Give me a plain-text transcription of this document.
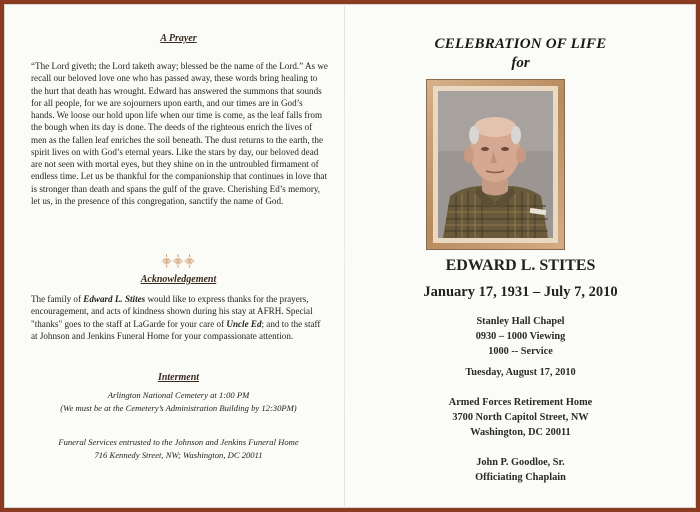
A Prayer

“The Lord giveth; the Lord taketh away; blessed be the name of the Lord.” As we recall our beloved love one who has passed away, these words bring healing to the hurt that death has wrought. Edward has answered the summons that sounds for all people, for we are sojourners upon earth, and our times are in God’s hands. We loose our hold upon life when our time is come, as the leaf falls from the bough when its day is done. The deeds of the righteous enrich the lives of men as the fallen leaf enriches the soil beneath. The dust returns to the earth, the spirit lives on with God’s eternal years. Like the stars by day, our beloved dead are not seen with mortal eyes, but they shine on in the untroubled firmament of endless time. Let us be thankful for the companionship that continues in love that is stronger than death and spans the gulf of the grave. Cherishing Ed’s memory, let us, in the presence of this congregation, sanctify the name of God.

⸎⸎⸎
Acknowledgement

The family of Edward L. Stites would like to express thanks for the prayers, encouragement, and acts of kindness shown during his stay at AFRH. Special "thanks" goes to the staff at LaGarde for your care of Uncle Ed; and to the staff at Johnson and Jenkins Funeral Home for your compassionate attention.

Interment
Arlington National Cemetery at 1:00 PM
(We must be at the Cemetery’s Administration Building by 12:30PM)
Funeral Services entrusted to the Johnson and Jenkins Funeral Home
716 Kennedy Street, NW; Washington, DC 20011
CELEBRATION OF LIFE
for
EDWARD L. STITES
January 17, 1931 – July 7, 2010
Stanley Hall Chapel
0930 – 1000 Viewing
1000 -- Service
Tuesday, August 17, 2010
Armed Forces Retirement Home
3700 North Capitol Street, NW
Washington, DC 20011
John P. Goodloe, Sr.
Officiating Chaplain
